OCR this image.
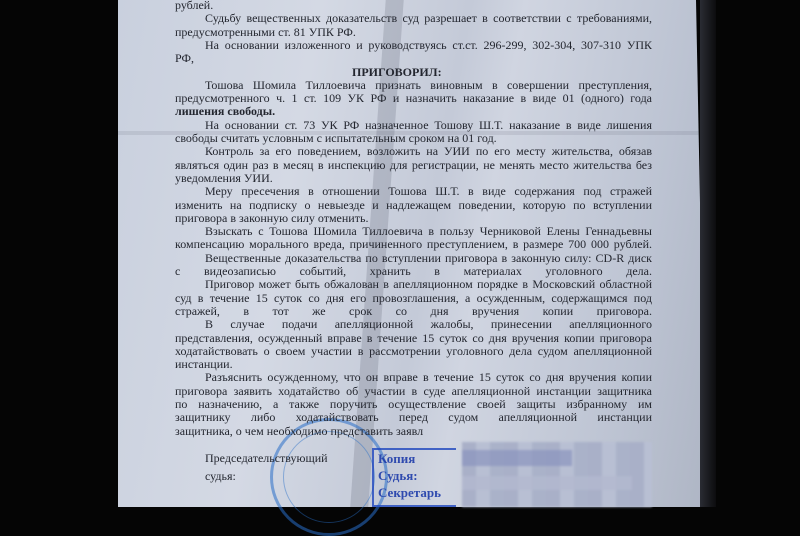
рублей.
Судьбу вещественных доказательств суд разрешает в соответствии с требованиями,
предусмотренными ст. 81 УПК РФ.
На основании изложенного и руководствуясь ст.ст. 296-299, 302-304, 307-310 УПК
РФ,
ПРИГОВОРИЛ:
Тошова Шомила Тиллоевича признать виновным в совершении преступления,
предусмотренного ч. 1 ст. 109 УК РФ и назначить наказание в виде 01 (одного) года
лишения свободы.
На основании ст. 73 УК РФ назначенное Тошову Ш.Т. наказание в виде лишения
свободы считать условным с испытательным сроком на 01 год.
Контроль за его поведением, возложить на УИИ по его месту жительства, обязав
являться один раз в месяц в инспекцию для регистрации, не менять место жительства без
уведомления УИИ.
Меру пресечения в отношении Тошова Ш.Т. в виде содержания под стражей
изменить на подписку о невыезде и надлежащем поведении, которую по вступлении
приговора в законную силу отменить.
Взыскать с Тошова Шомила Тиллоевича в пользу Черниковой Елены Геннадьевны
компенсацию морального вреда, причиненного преступлением, в размере 700 000 рублей.
Вещественные доказательства по вступлении приговора в законную силу: CD-R диск
с видеозаписью событий, хранить в материалах уголовного дела.
Приговор может быть обжалован в апелляционном порядке в Московский областной
суд в течение 15 суток со дня его провозглашения, а осужденным, содержащимся под
стражей, в тот же срок со дня вручения копии приговора.
В случае подачи апелляционной жалобы, принесении апелляционного
представления, осужденный вправе в течение 15 суток со дня вручения копии приговора
ходатайствовать о своем участии в рассмотрении уголовного дела судом апелляционной
инстанции.
Разъяснить осужденному, что он вправе в течение 15 суток со дня вручения копии
приговора заявить ходатайство об участии в суде апелляционной инстанции защитника
по назначению, а также поручить осуществление своей защиты избранному им
защитнику либо ходатайствовать перед судом апелляционной инстанции
защитника, о чем необходимо представить заявл
Председательствующий
судья:
Копия
Судья:
Секретарь
